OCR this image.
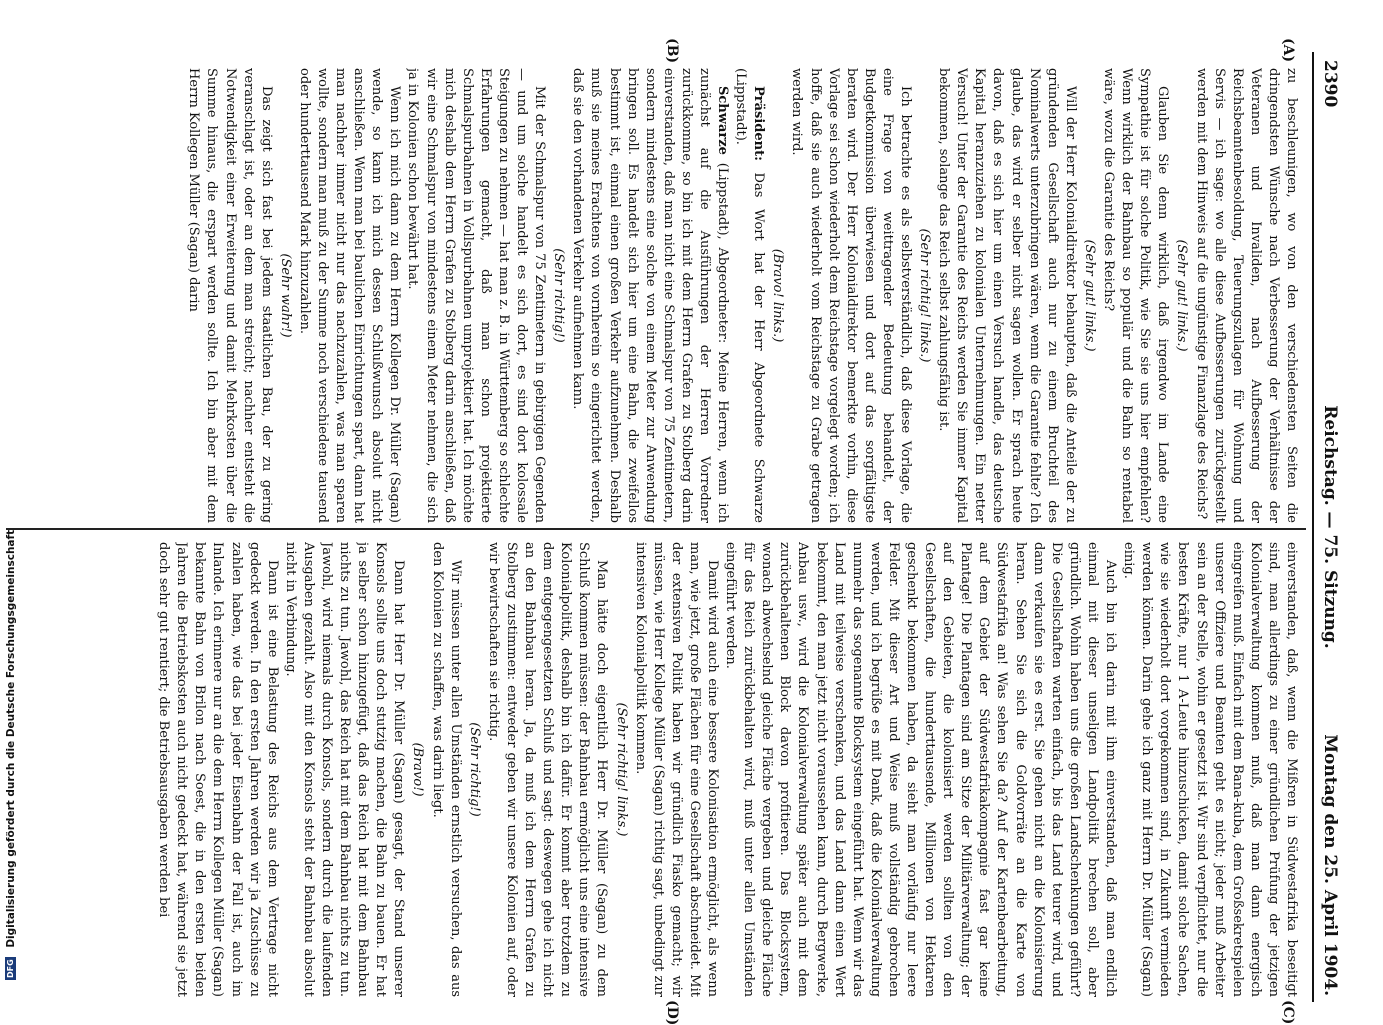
2390
Reichstag. — 75. Sitzung.
Montag den 25. April 1904.
(A)
(B)
(C)
(D)

zu beschleunigen, wo von den verschiedensten Seiten die dringendsten Wünsche nach Verbesserung der Verhältnisse der Veteranen und Invaliden, nach Aufbesserung der Reichsbeamtenbesoldung, Teuerungszulagen für Wohnung und Servis — ich sage: wo alle diese Aufbesserungen zurückgestellt werden mit dem Hinweis auf die ungünstige Finanzlage des Reichs?

(Sehr gut! links.)

Glauben Sie denn wirklich, daß irgendwo im Lande eine Sympathie ist für solche Politik, wie Sie sie uns hier empfehlen? Wenn wirklich der Bahnbau so populär und die Bahn so rentabel wäre, wozu die Garantie des Reichs?

(Sehr gut! links.)

Will der Herr Kolonialdirektor behaupten, daß die Anteile der zu gründenden Gesellschaft auch nur zu einem Bruchteil des Nominalwerts unterzubringen wären, wenn die Garantie fehlte? Ich glaube, das wird er selber nicht sagen wollen. Er sprach heute davon, daß es sich hier um einen Versuch handle, das deutsche Kapital heranzuziehen zu kolonialen Unternehmungen. Ein netter Versuch! Unter der Garantie des Reichs werden Sie immer Kapital bekommen, solange das Reich selbst zahlungsfähig ist.

(Sehr richtig! links.)

Ich betrachte es als selbstverständlich, daß diese Vorlage, die eine Frage von weittragender Bedeutung behandelt, der Budgetkommission überwiesen und dort auf das sorgfältigste beraten wird. Der Herr Kolonialdirektor bemerkte vorhin, diese Vorlage sei schon wiederholt dem Reichstage vorgelegt worden; ich hoffe, daß sie auch wiederholt vom Reichstage zu Grabe getragen werden wird.

(Bravo! links.)

Präsident: Das Wort hat der Herr Abgeordnete Schwarze (Lippstadt).

Schwarze (Lippstadt), Abgeordneter: Meine Herren, wenn ich zunächst auf die Ausführungen der Herren Vorredner zurückkomme, so bin ich mit dem Herrn Grafen zu Stolberg darin einverstanden, daß man nicht eine Schmalspur von 75 Zentimetern, sondern mindestens eine solche von einem Meter zur Anwendung bringen soll. Es handelt sich hier um eine Bahn, die zweifellos bestimmt ist, einmal einen großen Verkehr aufzunehmen. Deshalb muß sie meines Erachtens von vornherein so eingerichtet werden, daß sie den vorhandenen Verkehr aufnehmen kann.

(Sehr richtig!)

Mit der Schmalspur von 75 Zentimetern in gebirgigen Gegenden — und um solche handelt es sich dort, es sind dort kolossale Steigungen zu nehmen — hat man z. B. in Württemberg so schlechte Erfahrungen gemacht, daß man schon projektierte Schmalspurbahnen in Vollspurbahnen umprojektiert hat. Ich möchte mich deshalb dem Herrn Grafen zu Stolberg darin anschließen, daß wir eine Schmalspur von mindestens einem Meter nehmen, die sich ja in Kolonien schon bewährt hat.

Wenn ich mich dann zu dem Herrn Kollegen Dr. Müller (Sagan) wende, so kann ich mich dessen Schlußwunsch absolut nicht anschließen. Wenn man bei baulichen Einrichtungen spart, dann hat man nachher immer nicht nur das nachzuzahlen, was man sparen wollte, sondern man muß zu der Summe noch verschiedene tausend oder hunderttausend Mark hinzuzahlen.

(Sehr wahr!)

Das zeigt sich fast bei jedem staatlichen Bau, der zu gering veranschlagt ist, oder an dem man streicht; nachher entsteht die Notwendigkeit einer Erweiterung und damit Mehrkosten über die Summe hinaus, die erspart werden sollte. Ich bin aber mit dem Herrn Kollegen Müller (Sagan) darin

einverstanden, daß, wenn die Mißren in Südwestafrika beseitigt sind, man allerdings zu einer gründlichen Prüfung der jetzigen Kolonialverwaltung kommen muß, daß man dann energisch eingreifen muß. Einfach mit dem Bana-kuba, dem Großsekretspielen unserer Offiziere und Beamten geht es nicht; jeder muß Arbeiter sein an der Stelle, wohin er gesetzt ist. Wir sind verpflichtet, nur die besten Kräfte, nur 1 A-Leute hinzuschicken, damit solche Sachen, wie sie wiederholt dort vorgekommen sind, in Zukunft vermieden werden können. Darin gehe ich ganz mit Herrn Dr. Müller (Sagan) einig.

Auch bin ich darin mit ihm einverstanden, daß man endlich einmal mit dieser unseligen Landpolitik brechen soll, aber gründlich. Wohin haben uns die großen Landschenkungen geführt? Die Gesellschaften warten einfach, bis das Land teurer wird, und dann verkaufen sie es erst. Sie gehen nicht an die Kolonisierung heran. Sehen Sie sich die Goldvorräte an die Karte von Südwestafrika an! Was sehen Sie da? Auf der Kartenbearbeitung, auf dem Gebiet der Südwestafrikakompagnie fast gar keine Plantage! Die Plantagen sind am Sitze der Militärverwaltung; der auf den Gebieten, die kolonisiert werden sollten von den Gesellschaften, die hunderttausende, Millionen von Hektaren geschenkt bekommen haben, da sieht man vorläufig nur leere Felder. Mit dieser Art und Weise muß vollständig gebrochen werden, und ich begrüße es mit Dank, daß die Kolonialverwaltung nunmehr das sogenannte Blocksystem eingeführt hat. Wenn wir das Land mit teilweise verschenken, und das Land dann einen Wert bekommt, den man jetzt nicht voraussehen kann, durch Bergwerke, Anbau usw., wird die Kolonialverwaltung später auch mit dem zurückbehaltenen Block davon profitieren. Das Blocksystem, wonach abwechselnd gleiche Fläche vergeben und gleiche Fläche für das Reich zurückbehalten wird, muß unter allen Umständen eingeführt werden.

Damit wird auch eine bessere Kolonisation ermöglicht, als wenn man, wie jetzt, große Flächen für eine Gesellschaft abschneidet. Mit der extensiven Politik haben wir gründlich Fiasko gemacht; wir müssen, wie Herr Kollege Müller (Sagan) richtig sagt, unbedingt zur intensiven Kolonialpolitik kommen.

(Sehr richtig! links.)

Man hätte doch eigentlich Herr Dr. Müller (Sagan) zu dem Schluß kommen müssen: der Bahnbau ermöglicht uns eine intensive Kolonialpolitik, deshalb bin ich dafür. Er kommt aber trotzdem zu dem entgegengesetzten Schluß und sagt: deswegen gehe ich nicht an den Bahnbau heran. Ja, da muß ich dem Herrn Grafen zu Stolberg zustimmen: entweder geben wir unsere Kolonien auf, oder wir bewirtschaften sie richtig.

(Sehr richtig!)

Wir müssen unter allen Umständen ernstlich versuchen, das aus den Kolonien zu schaffen, was darin liegt.

(Bravo!)

Dann hat Herr Dr. Müller (Sagan) gesagt, der Stand unserer Konsols sollte uns doch stutzig machen, die Bahn zu bauen. Er hat ja selber schon hinzugefügt, daß das Reich hat mit dem Bahnbau nichts zu tun. Jawohl, das Reich hat mit dem Bahnbau nichts zu tun. Jawohl, wird niemals durch Konsols, sondern durch die laufenden Ausgaben gezahlt. Also mit den Konsols steht der Bahnbau absolut nicht in Verbindung.

Dann ist eine Belastung des Reichs aus dem Vertrage nicht gedeckt werden. In den ersten Jahren werden wir ja Zuschüsse zu zahlen haben, wie das bei jeder Eisenbahn der Fall ist, auch im Inlande. Ich erinnere nur an die dem Herrn Kollegen Müller (Sagan) bekannte Bahn von Brilon nach Soest, die in den ersten beiden Jahren die Betriebskosten auch nicht gedeckt hat, während sie jetzt doch sehr gut rentiert; die Betriebsausgaben werden bei

DFG Digitalisierung gefördert durch die Deutsche Forschungsgemeinschaft
